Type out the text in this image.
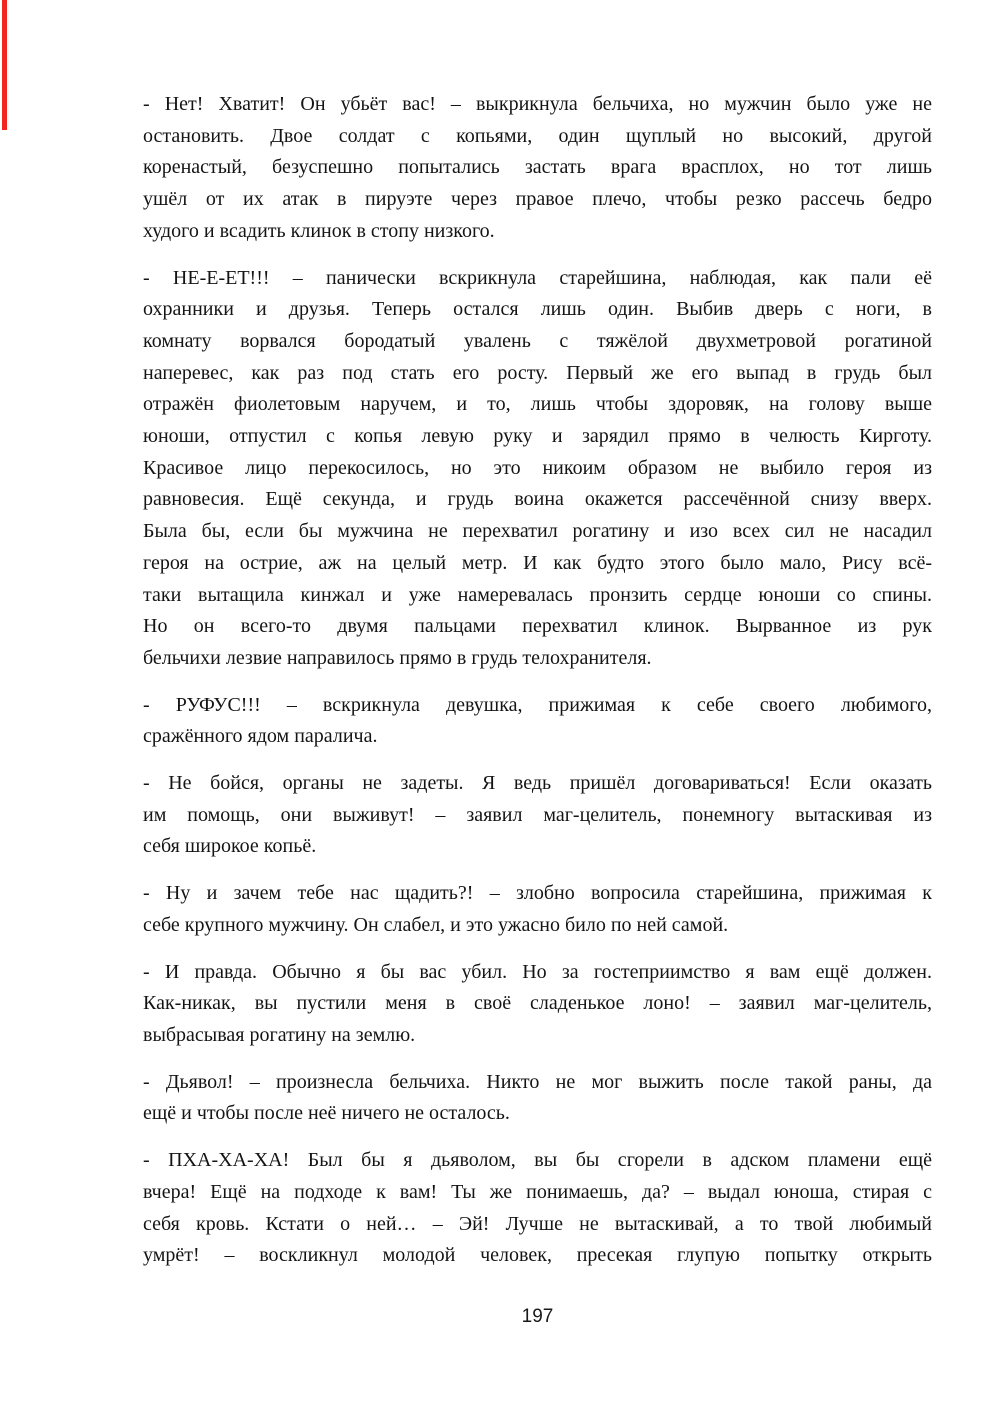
- Нет! Хватит! Он убьёт вас! – выкрикнула бельчиха, но мужчин было уже не
остановить. Двое солдат с копьями, один щуплый но высокий, другой
коренастый, безуспешно попытались застать врага врасплох, но тот лишь
ушёл от их атак в пируэте через правое плечо, чтобы резко рассечь бедро
худого и всадить клинок в стопу низкого.
- НЕ-Е-ЕТ!!! – панически вскрикнула старейшина, наблюдая, как пали её
охранники и друзья. Теперь остался лишь один. Выбив дверь с ноги, в
комнату ворвался бородатый увалень с тяжёлой двухметровой рогатиной
наперевес, как раз под стать его росту. Первый же его выпад в грудь был
отражён фиолетовым наручем, и то, лишь чтобы здоровяк, на голову выше
юноши, отпустил с копья левую руку и зарядил прямо в челюсть Кирготу.
Красивое лицо перекосилось, но это никоим образом не выбило героя из
равновесия. Ещё секунда, и грудь воина окажется рассечённой снизу вверх.
Была бы, если бы мужчина не перехватил рогатину и изо всех сил не насадил
героя на острие, аж на целый метр. И как будто этого было мало, Рису всё-
таки вытащила кинжал и уже намеревалась пронзить сердце юноши со спины.
Но он всего-то двумя пальцами перехватил клинок. Вырванное из рук
бельчихи лезвие направилось прямо в грудь телохранителя.
- РУФУС!!! – вскрикнула девушка, прижимая к себе своего любимого,
сражённого ядом паралича.
- Не бойся, органы не задеты. Я ведь пришёл договариваться! Если оказать
им помощь, они выживут! – заявил маг-целитель, понемногу вытаскивая из
себя широкое копьё.
- Ну и зачем тебе нас щадить?! – злобно вопросила старейшина, прижимая к
себе крупного мужчину. Он слабел, и это ужасно било по ней самой.
- И правда. Обычно я бы вас убил. Но за гостеприимство я вам ещё должен.
Как-никак, вы пустили меня в своё сладенькое лоно! – заявил маг-целитель,
выбрасывая рогатину на землю.
- Дьявол! – произнесла бельчиха. Никто не мог выжить после такой раны, да
ещё и чтобы после неё ничего не осталось.
- ПХА-ХА-ХА! Был бы я дьяволом, вы бы сгорели в адском пламени ещё
вчера! Ещё на подходе к вам! Ты же понимаешь, да? – выдал юноша, стирая с
себя кровь. Кстати о ней… – Эй! Лучше не вытаскивай, а то твой любимый
умрёт! – воскликнул молодой человек, пресекая глупую попытку открыть
197
